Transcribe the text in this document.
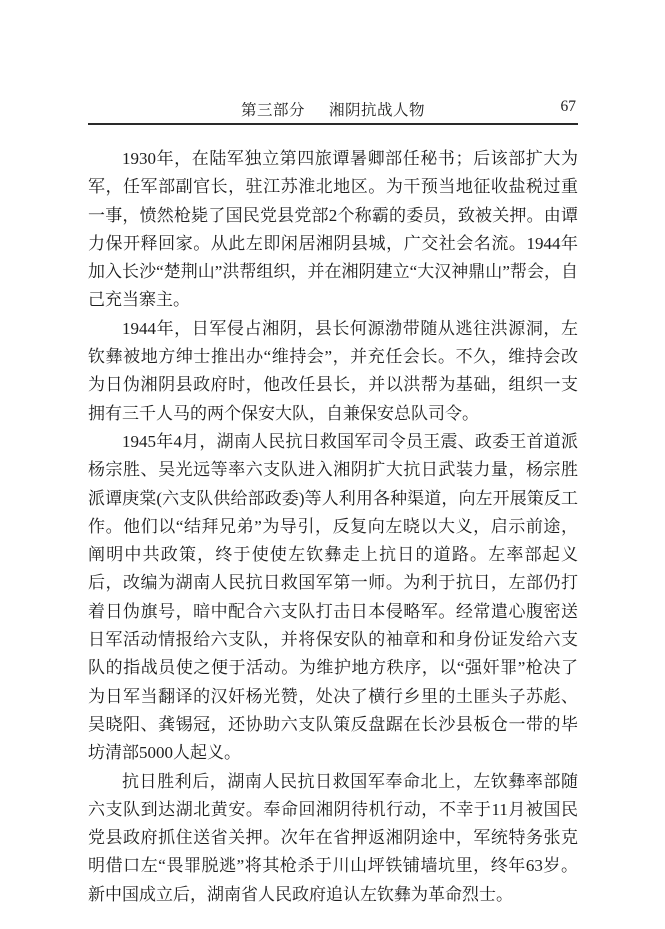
第三部分 湘阴抗战人物	67

1930年，在陆军独立第四旅谭暑卿部任秘书；后该部扩大为军，任军部副官长，驻江苏淮北地区。为干预当地征收盐税过重一事，愤然枪毙了国民党县党部2个称霸的委员，致被关押。由谭力保开释回家。从此左即闲居湘阴县城，广交社会名流。1944年加入长沙“楚荆山”洪帮组织，并在湘阴建立“大汉神鼎山”帮会，自己充当寨主。

1944年，日军侵占湘阴，县长何源渤带随从逃往洪源洞，左钦彝被地方绅士推出办“维持会”，并充任会长。不久，维持会改为日伪湘阴县政府时，他改任县长，并以洪帮为基础，组织一支拥有三千人马的两个保安大队，自兼保安总队司令。

1945年4月，湖南人民抗日救国军司令员王震、政委王首道派杨宗胜、吴光远等率六支队进入湘阴扩大抗日武装力量，杨宗胜派谭庚棠(六支队供给部政委)等人利用各种渠道，向左开展策反工作。他们以“结拜兄弟”为导引，反复向左晓以大义，启示前途，阐明中共政策，终于使使左钦彝走上抗日的道路。左率部起义后，改编为湖南人民抗日救国军第一师。为利于抗日，左部仍打着日伪旗号，暗中配合六支队打击日本侵略军。经常遣心腹密送日军活动情报给六支队，并将保安队的袖章和和身份证发给六支队的指战员使之便于活动。为维护地方秩序，以“强奸罪”枪决了为日军当翻译的汉奸杨光赞，处决了横行乡里的土匪头子苏彪、吴晓阳、龚锡冠，还协助六支队策反盘踞在长沙县板仓一带的毕坊清部5000人起义。

抗日胜利后，湖南人民抗日救国军奉命北上，左钦彝率部随六支队到达湖北黄安。奉命回湘阴待机行动，不幸于11月被国民党县政府抓住送省关押。次年在省押返湘阴途中，军统特务张克明借口左“畏罪脱逃”将其枪杀于川山坪铁铺墙坑里，终年63岁。新中国成立后，湖南省人民政府追认左钦彝为革命烈士。
